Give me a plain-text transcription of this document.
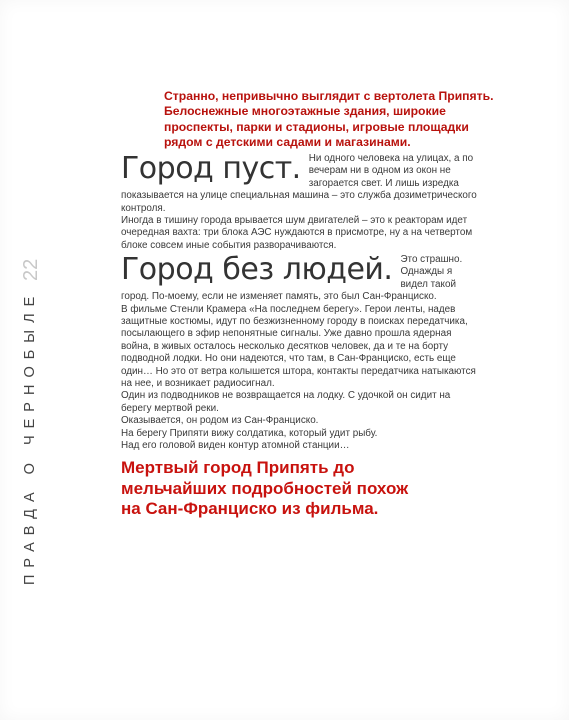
22
ПРАВДА О ЧЕРНОБЫЛЕ

Странно, непривычно выглядит с вертолета Припять.
Белоснежные многоэтажные здания, широкие
проспекты, парки и стадионы, игровые площадки
рядом с детскими садами и магазинами.

Город пуст. Ни одного человека на улицах, а по вечерам ни в одном из окон не загорается свет. И лишь изредка показывается на улице специальная машина – это служба дозиметрического контроля.

Иногда в тишину города врывается шум двигателей – это к реакторам идет очередная вахта: три блока АЭС нуждаются в присмотре, ну а на четвертом блоке совсем иные события разворачиваются.

Город без людей. Это страшно. Однажды я видел такой город. По-моему, если не изменяет память, это был Сан-Франциско.

В фильме Стенли Крамера «На последнем берегу». Герои ленты, надев защитные костюмы, идут по безжизненному городу в поисках передатчика, посылающего в эфир непонятные сигналы. Уже давно прошла ядерная война, в живых осталось несколько десятков человек, да и те на борту подводной лодки. Но они надеются, что там, в Сан-Франциско, есть еще один… Но это от ветра колышется штора, контакты передатчика натыкаются на нее, и возникает радиосигнал.

Один из подводников не возвращается на лодку. С удочкой он сидит на берегу мертвой реки.

Оказывается, он родом из Сан-Франциско.

На берегу Припяти вижу солдатика, который удит рыбу.

Над его головой виден контур атомной станции…

Мертвый город Припять до
мельчайших подробностей похож
на Сан-Франциско из фильма.
